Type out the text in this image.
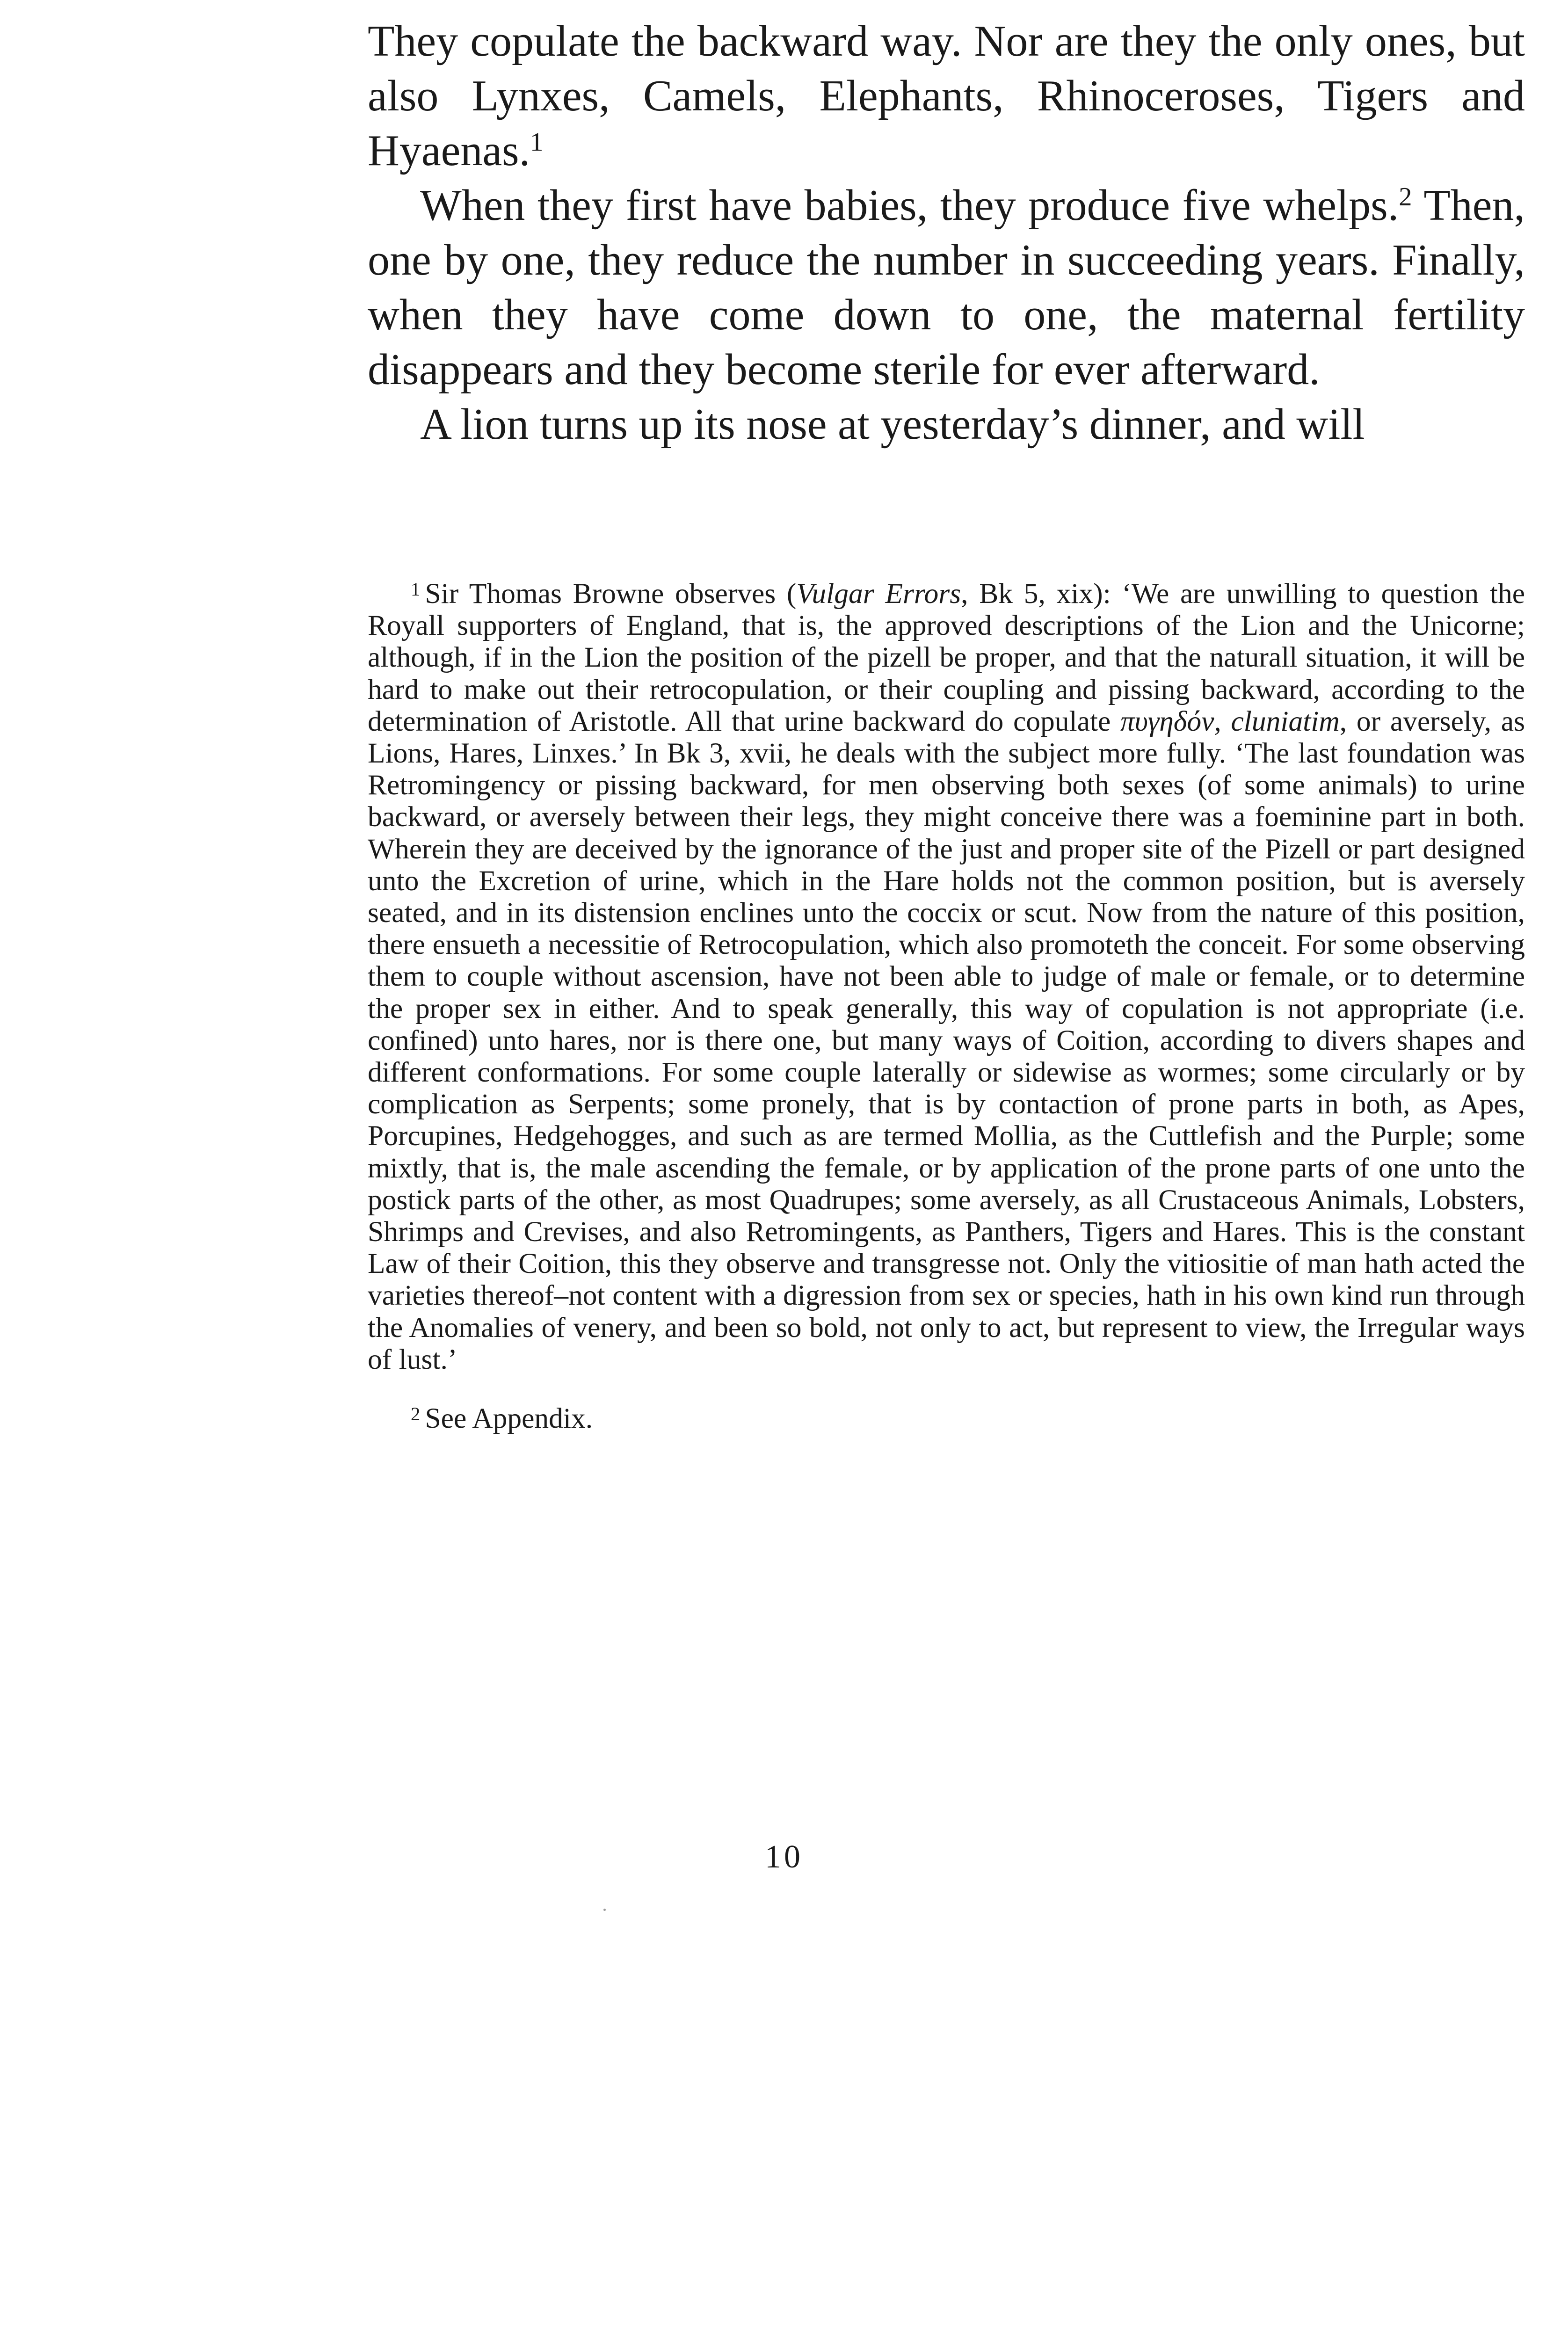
They copulate the backward way. Nor are they the only ones, but also Lynxes, Camels, Elephants, Rhinoceroses, Tigers and Hyaenas.$^1$

When they first have babies, they produce five whelps.$^2$ Then, one by one, they reduce the number in succeeding years. Finally, when they have come down to one, the maternal fertility disappears and they become sterile for ever afterward.

A lion turns up its nose at yesterday’s dinner, and will

$^1$ Sir Thomas Browne observes (Vulgar Errors, Bk 5, xix): ‘We are unwilling to question the Royall supporters of England, that is, the approved descriptions of the Lion and the Unicorne; although, if in the Lion the position of the pizell be proper, and that the naturall situation, it will be hard to make out their retrocopulation, or their coupling and pissing backward, according to the determination of Aristotle. All that urine backward do copulate πυγηδόν, cluniatim, or aversely, as Lions, Hares, Linxes.’ In Bk 3, xvii, he deals with the subject more fully. ‘The last foundation was Retromingency or pissing backward, for men observing both sexes (of some animals) to urine backward, or aversely between their legs, they might conceive there was a foeminine part in both. Wherein they are deceived by the ignorance of the just and proper site of the Pizell or part designed unto the Excretion of urine, which in the Hare holds not the common position, but is aversely seated, and in its distension enclines unto the coccix or scut. Now from the nature of this position, there ensueth a necessitie of Retrocopulation, which also promoteth the conceit. For some observing them to couple without ascension, have not been able to judge of male or female, or to determine the proper sex in either. And to speak generally, this way of copulation is not appropriate (i.e. confined) unto hares, nor is there one, but many ways of Coition, according to divers shapes and different conformations. For some couple laterally or sidewise as wormes; some circularly or by complication as Serpents; some pronely, that is by contaction of prone parts in both, as Apes, Porcupines, Hedgehogges, and such as are termed Mollia, as the Cuttlefish and the Purple; some mixtly, that is, the male ascending the female, or by application of the prone parts of one unto the postick parts of the other, as most Quadrupes; some aversely, as all Crustaceous Animals, Lobsters, Shrimps and Crevises, and also Retromingents, as Panthers, Tigers and Hares. This is the constant Law of their Coition, this they observe and transgresse not. Only the vitiositie of man hath acted the varieties thereof–not content with a digression from sex or species, hath in his own kind run through the Anomalies of venery, and been so bold, not only to act, but represent to view, the Irregular ways of lust.’

$^2$ See Appendix.

10
